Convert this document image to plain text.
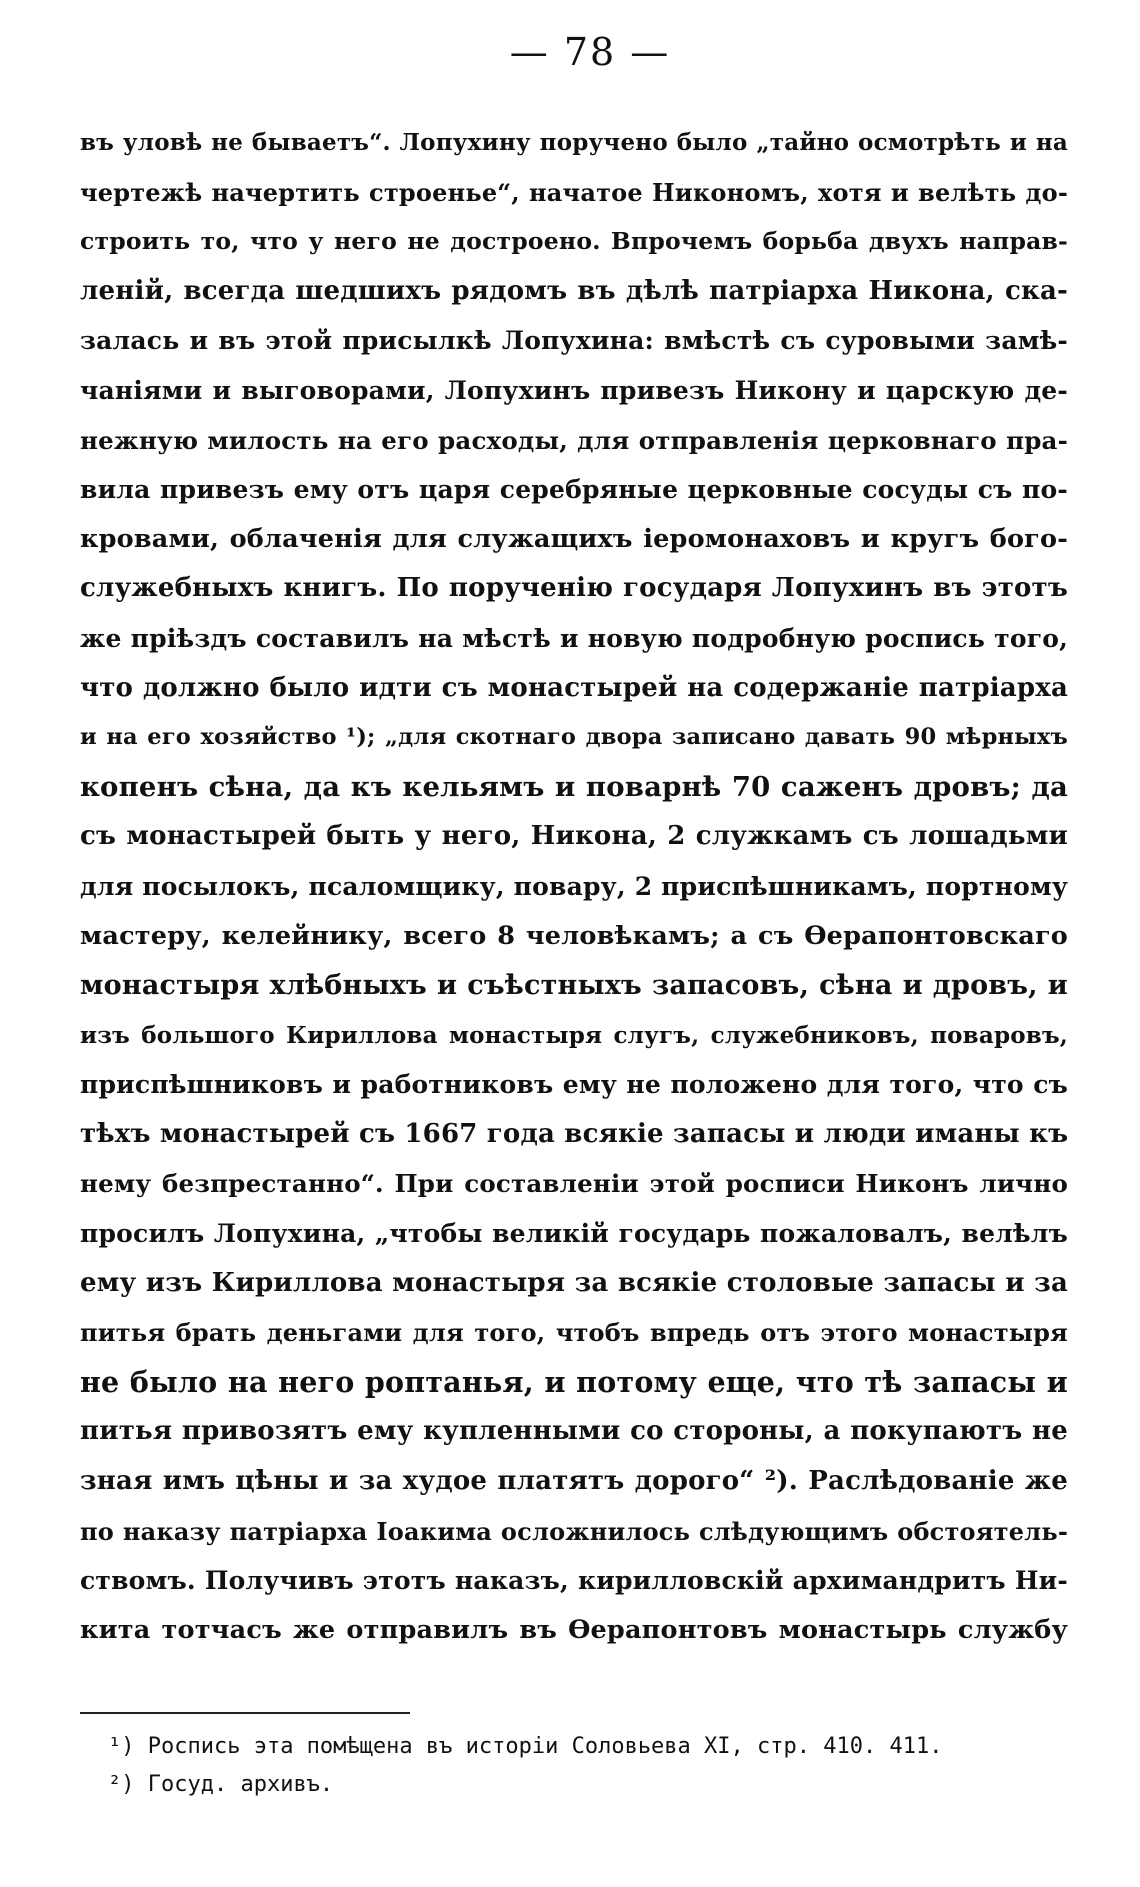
— 78 —
въ уловѣ не бываетъ“. Лопухину поручено было „тайно осмотрѣть и на
чертежѣ начертить строенье“, начатое Никономъ, хотя и велѣть до-
строить то, что у него не достроено. Впрочемъ борьба двухъ направ-
леній, всегда шедшихъ рядомъ въ дѣлѣ патріарха Никона, ска-
залась и въ этой присылкѣ Лопухина: вмѣстѣ съ суровыми замѣ-
чаніями и выговорами, Лопухинъ привезъ Никону и царскую де-
нежную милость на его расходы, для отправленія церковнаго пра-
вила привезъ ему отъ царя серебряные церковные сосуды съ по-
кровами, облаченія для служащихъ іеромонаховъ и кругъ богo-
служебныхъ книгъ. По порученію государя Лопухинъ въ этотъ
же пріѣздъ составилъ на мѣстѣ и новую подробную роспись того,
что должно было идти съ монастырей на содержаніе патріарха
и на его хозяйство ¹); „для скотнаго двора записано давать 90 мѣрныхъ
копенъ сѣна, да къ кельямъ и поварнѣ 70 саженъ дровъ; да
съ монастырей быть у него, Никона, 2 служкамъ съ лошадьми
для посылокъ, псаломщику, повару, 2 приспѣшникамъ, портному
мастеру, келейнику, всего 8 человѣкамъ; а съ Ѳерапонтовскаго
монастыря хлѣбныхъ и съѣстныхъ запасовъ, сѣна и дровъ, и
изъ большого Кириллова монастыря слугъ, служебниковъ, поваровъ,
приспѣшниковъ и работниковъ ему не положено для того, что съ
тѣхъ монастырей съ 1667 года всякіе запасы и люди иманы къ
нему безпрестанно“. При составленіи этой росписи Никонъ лично
просилъ Лопухина, „чтобы великій государь пожаловалъ, велѣлъ
ему изъ Кириллова монастыря за всякіе столовые запасы и за
питья брать деньгами для того, чтобъ впредь отъ этого монастыря
не было на него роптанья, и потому еще, что тѣ запасы и
питья привозятъ ему купленными со стороны, а покупаютъ не
зная имъ цѣны и за худое платятъ дорого“ ²). Раслѣдованіе же
по наказу патріарха Іоакима осложнилось слѣдующимъ обстоятель-
ствомъ. Получивъ этотъ наказъ, кирилловскій архимандритъ Ни-
кита тотчасъ же отправилъ въ Ѳерапонтовъ монастырь службу
¹) Роспись эта помѣщена въ исторіи Соловьева XI, стр. 410. 411.
²) Госуд. архивъ.
